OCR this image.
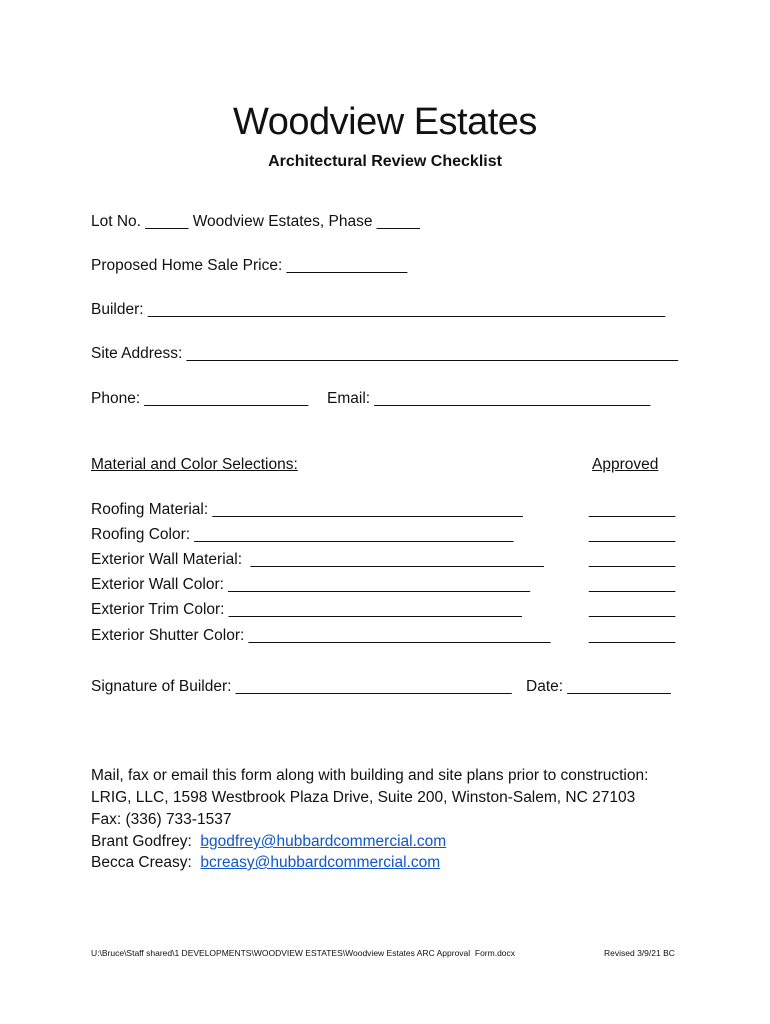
Woodview Estates
Architectural Review Checklist
Lot No. _____ Woodview Estates, Phase _____
Proposed Home Sale Price: ______________
Builder: ____________________________________________________________
Site Address: _________________________________________________________
Phone: ___________________ Email: ________________________________
Material and Color Selections:	Approved
Roofing Material: ____________________________________	__________
Roofing Color: _____________________________________	__________
Exterior Wall Material:  __________________________________	__________
Exterior Wall Color: ___________________________________	__________
Exterior Trim Color: __________________________________	__________
Exterior Shutter Color: ___________________________________ __________
Signature of Builder: ________________________________ Date: ____________
Mail, fax or email this form along with building and site plans prior to construction:
LRIG, LLC, 1598 Westbrook Plaza Drive, Suite 200, Winston-Salem, NC 27103
Fax: (336) 733-1537
Brant Godfrey:  bgodfrey@hubbardcommercial.com
Becca Creasy:  bcreasy@hubbardcommercial.com
U:\Bruce\Staff shared\1 DEVELOPMENTS\WOODVIEW ESTATES\Woodview Estates ARC Approval  Form.docx	Revised 3/9/21 BC
